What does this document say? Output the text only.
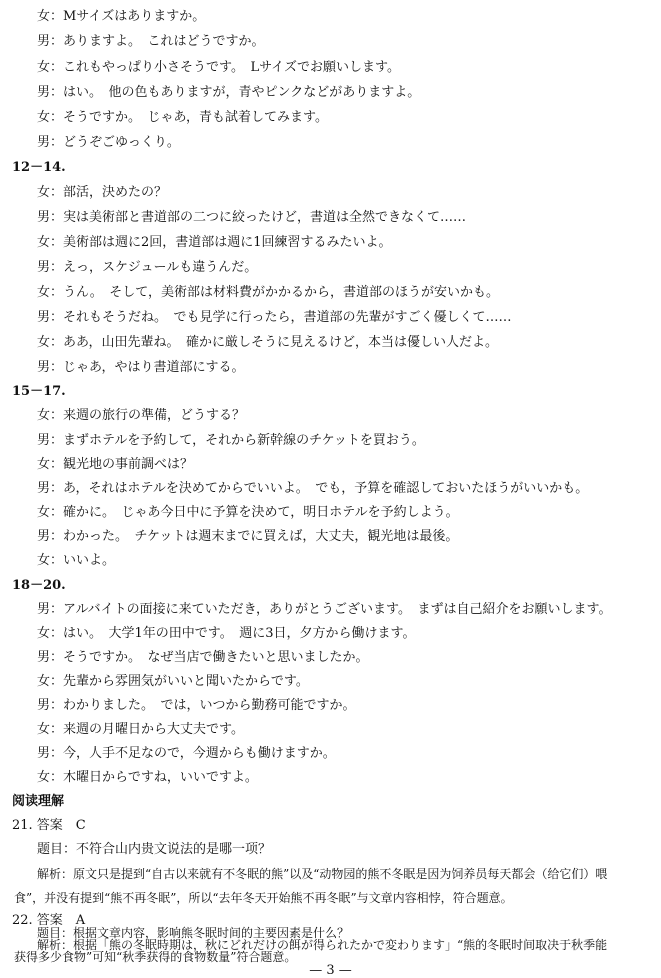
女：Mサイズはありますか。
男：ありますよ。　これはどうですか。
女：これもやっぱり小さそうです。　Lサイズでお願いします。
男：はい。　他の色もありますが，青やピンクなどがありますよ。
女：そうですか。　じゃあ，青も試着してみます。
男：どうぞごゆっくり。
12－14.
女：部活，決めたの？
男：実は美術部と書道部の二つに絞ったけど，書道は全然できなくて……
女：美術部は週に2回，書道部は週に1回練習するみたいよ。
男：えっ，スケジュールも違うんだ。
女：うん。　そして，美術部は材料費がかかるから，書道部のほうが安いかも。
男：それもそうだね。　でも見学に行ったら，書道部の先輩がすごく優しくて……
女：ああ，山田先輩ね。　確かに厳しそうに見えるけど，本当は優しい人だよ。
男：じゃあ，やはり書道部にする。
15－17.
女：来週の旅行の準備，どうする？
男：まずホテルを予約して，それから新幹線のチケットを買おう。
女：観光地の事前調べは？
男：あ，それはホテルを決めてからでいいよ。　でも，予算を確認しておいたほうがいいかも。
女：確かに。　じゃあ今日中に予算を決めて，明日ホテルを予約しよう。
男：わかった。　チケットは週末までに買えば，大丈夫，観光地は最後。
女：いいよ。
18－20.
男：アルバイトの面接に来ていただき，ありがとうございます。　まずは自己紹介をお願いします。
女：はい。　大学1年の田中です。　週に3日，夕方から働けます。
男：そうですか。　なぜ当店で働きたいと思いましたか。
女：先輩から雰囲気がいいと聞いたからです。
男：わかりました。　では，いつから勤務可能ですか。
女：来週の月曜日から大丈夫です。
男：今，人手不足なので，今週からも働けますか。
女：木曜日からですね，いいですよ。
阅读理解
21. 答案　C
题目：不符合山内贵文说法的是哪一项？
解析：原文只是提到“自古以来就有不冬眠的熊”以及“动物园的熊不冬眠是因为饲养员每天都会（给它们）喂
食”，并没有提到“熊不再冬眠”，所以“去年冬天开始熊不再冬眠”与文章内容相悖，符合题意。
22. 答案　A
题目：根据文章内容，影响熊冬眠时间的主要因素是什么？
— 3 —
解析：根据「熊の冬眠時期は，秋にどれだけの餌が得られたかで変わります」“熊的冬眠时间取决于秋季能
获得多少食物”可知“秋季获得的食物数量”符合题意。
